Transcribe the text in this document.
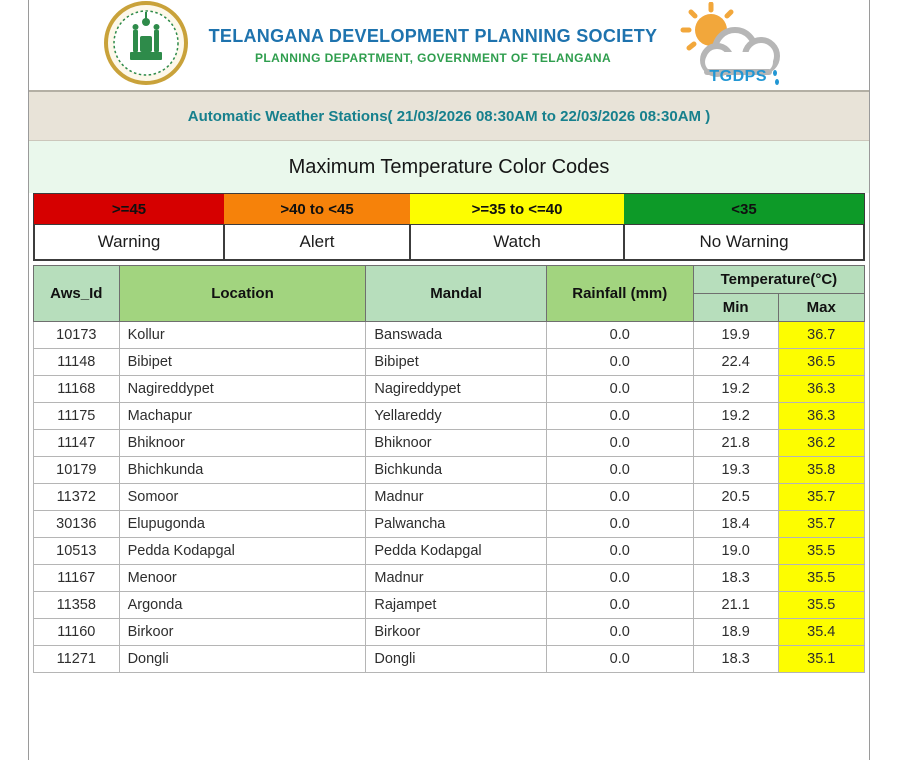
TELANGANA DEVELOPMENT PLANNING SOCIETY
PLANNING DEPARTMENT, GOVERNMENT OF TELANGANA
TGDPS
Automatic Weather Stations( 21/03/2026 08:30AM to 22/03/2026 08:30AM )
Maximum Temperature Color Codes
>=45	>40 to <45	>=35 to <=40	<35
Warning	Alert	Watch	No Warning
Aws_Id	Location	Mandal	Rainfall (mm)	Temperature(°C)	
				Min	Max
10173	Kollur	Banswada	0.0	19.9	36.7
11148	Bibipet	Bibipet	0.0	22.4	36.5
11168	Nagireddypet	Nagireddypet	0.0	19.2	36.3
11175	Machapur	Yellareddy	0.0	19.2	36.3
11147	Bhiknoor	Bhiknoor	0.0	21.8	36.2
10179	Bhichkunda	Bichkunda	0.0	19.3	35.8
11372	Somoor	Madnur	0.0	20.5	35.7
30136	Elupugonda	Palwancha	0.0	18.4	35.7
10513	Pedda Kodapgal	Pedda Kodapgal	0.0	19.0	35.5
11167	Menoor	Madnur	0.0	18.3	35.5
11358	Argonda	Rajampet	0.0	21.1	35.5
11160	Birkoor	Birkoor	0.0	18.9	35.4
11271	Dongli	Dongli	0.0	18.3	35.1
